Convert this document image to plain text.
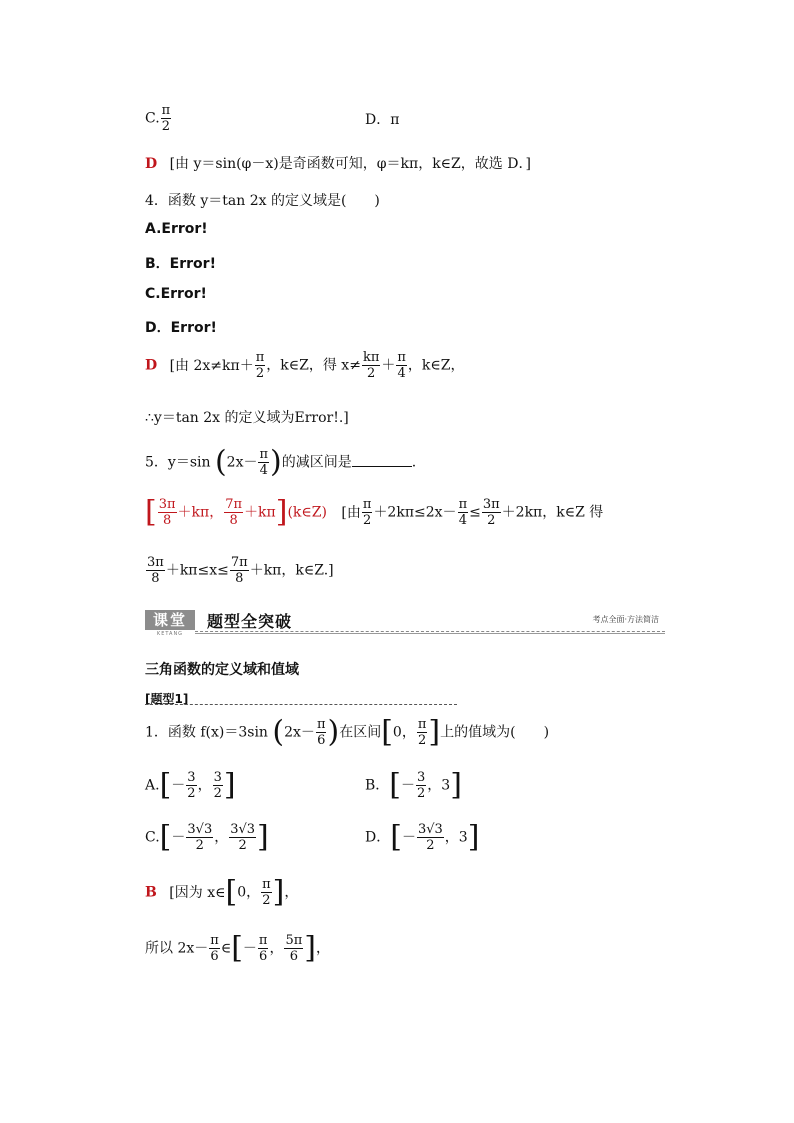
C. $\frac{\pi}{2}$	D．π
D [由 y＝sin(φ－x)是奇函数可知，φ＝kπ，k∈Z，故选 D．]
4．函数 y＝tan 2x 的定义域是(　　)
A.Error!
B．Error!
C.Error!
D．Error!
D [由 $2x\ne k\pi+ \frac{\pi}{2}$ ，k∈Z，得 $x\ne \frac{k\pi}{2} + \frac{\pi}{4}$ ，k∈Z，
∴y＝tan 2x 的定义域为Error!.]
5．y＝sin ($2x- \frac{\pi}{4}$ )的减区间是	.
[ $\frac{3\pi}{8} +k\pi$， $\frac{7\pi}{8}$ ＋kπ](k∈Z) [由 $\frac{\pi}{2} +2k\pi\le 2x- \frac{\pi}{4} \le \frac{3\pi}{2} +2k\pi$，k∈Z 得
$\frac{3\pi}{8} +k\pi\le x\le \frac{7\pi}{8} +k\pi$，k∈Z.]
课堂
KETANG
题型全突破	考点全面·方法简洁
三角函数的定义域和值域
[题型1]
1．函数 f(x)＝3sin ($2x- \frac{\pi}{6}$ )在区间[0， $\frac{\pi}{2}$ ]上的值域为(　　)
$A.[- \frac{3}{2}$ ， $\frac{3}{2}$ ]	B．[－ $\frac{3}{2}$ ，3]
$C.[- \frac{3√3}{2}$ ， $\frac{3√3}{2}$ ]	D．[－ $\frac{3√3}{2}$ ，3]
B [因为 x∈[0， $\frac{\pi}{2}$ ]，
所以 $2x- \frac{\pi}{6}$ ∈[－ $\frac{\pi}{6}$ ， $\frac{5\pi}{6}$ ]，
